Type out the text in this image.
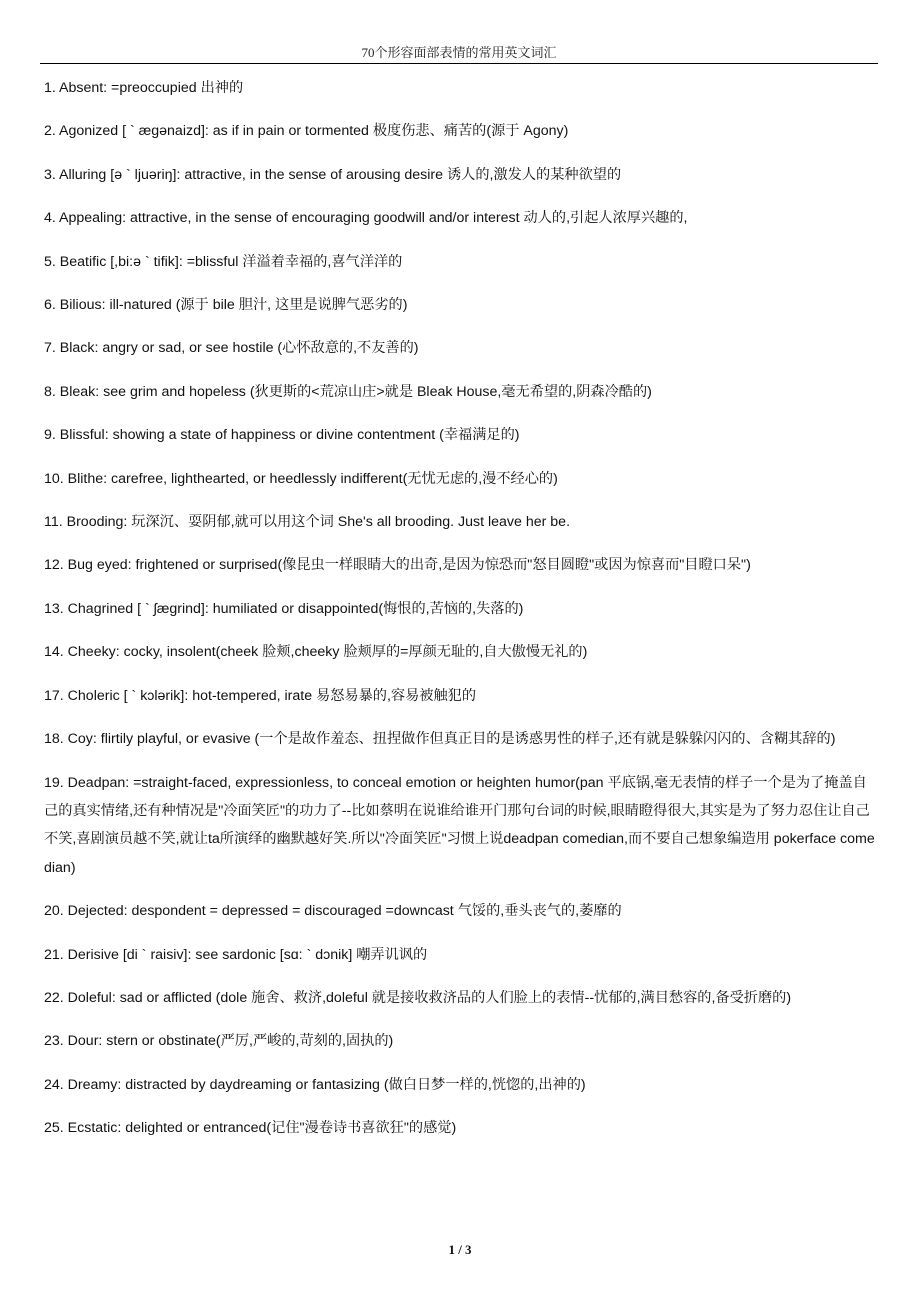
70个形容面部表情的常用英文词汇
1. Absent: =preoccupied 出神的
2. Agonized [ ` ægənaizd]: as if in pain or tormented 极度伤悲、痛苦的(源于 Agony)
3. Alluring [ə ` ljuəriŋ]: attractive, in the sense of arousing desire 诱人的,激发人的某种欲望的
4. Appealing: attractive, in the sense of encouraging goodwill and/or interest 动人的,引起人浓厚兴趣的,
5. Beatific [,bi:ə ` tifik]: =blissful 洋溢着幸福的,喜气洋洋的
6. Bilious: ill-natured (源于 bile 胆汁, 这里是说脾气恶劣的)
7. Black: angry or sad, or see hostile (心怀敌意的,不友善的)
8. Bleak: see grim and hopeless (狄更斯的<荒凉山庄>就是 Bleak House,毫无希望的,阴森冷酷的)
9. Blissful: showing a state of happiness or divine contentment (幸福满足的)
10. Blithe: carefree, lighthearted, or heedlessly indifferent(无忧无虑的,漫不经心的)
11. Brooding: 玩深沉、耍阴郁,就可以用这个词 She's all brooding. Just leave her be.
12. Bug eyed: frightened or surprised(像昆虫一样眼睛大的出奇,是因为惊恐而"怒目圆瞪"或因为惊喜而"目瞪口呆")
13. Chagrined [ ` ʃægrind]: humiliated or disappointed(悔恨的,苦恼的,失落的)
14. Cheeky: cocky, insolent(cheek 脸颊,cheeky 脸颊厚的=厚颜无耻的,自大傲慢无礼的)
17. Choleric [ ` kɔlərik]: hot-tempered, irate 易怒易暴的,容易被触犯的
18. Coy: flirtily playful, or evasive (一个是故作羞态、扭捏做作但真正目的是诱惑男性的样子,还有就是躲躲闪闪的、含糊其辞的)
19. Deadpan: =straight-faced, expressionless, to conceal emotion or heighten humor(pan 平底锅,毫无表情的样子一个是为了掩盖自己的真实情绪,还有种情况是"冷面笑匠"的功力了--比如蔡明在说谁给谁开门那句台词的时候,眼睛瞪得很大,其实是为了努力忍住让自己不笑,喜剧演员越不笑,就让ta所演绎的幽默越好笑.所以"冷面笑匠"习惯上说deadpan comedian,而不要自己想象编造用 pokerface comedian)
20. Dejected: despondent = depressed = discouraged =downcast 气馁的,垂头丧气的,萎靡的
21. Derisive [di ` raisiv]: see sardonic [sɑ: ` dɔnik] 嘲弄讥讽的
22. Doleful: sad or afflicted (dole 施舍、救济,doleful 就是接收救济品的人们脸上的表情--忧郁的,满目愁容的,备受折磨的)
23. Dour: stern or obstinate(严厉,严峻的,苛刻的,固执的)
24. Dreamy: distracted by daydreaming or fantasizing (做白日梦一样的,恍惚的,出神的)
25. Ecstatic: delighted or entranced(记住"漫卷诗书喜欲狂"的感觉)
1 / 3
